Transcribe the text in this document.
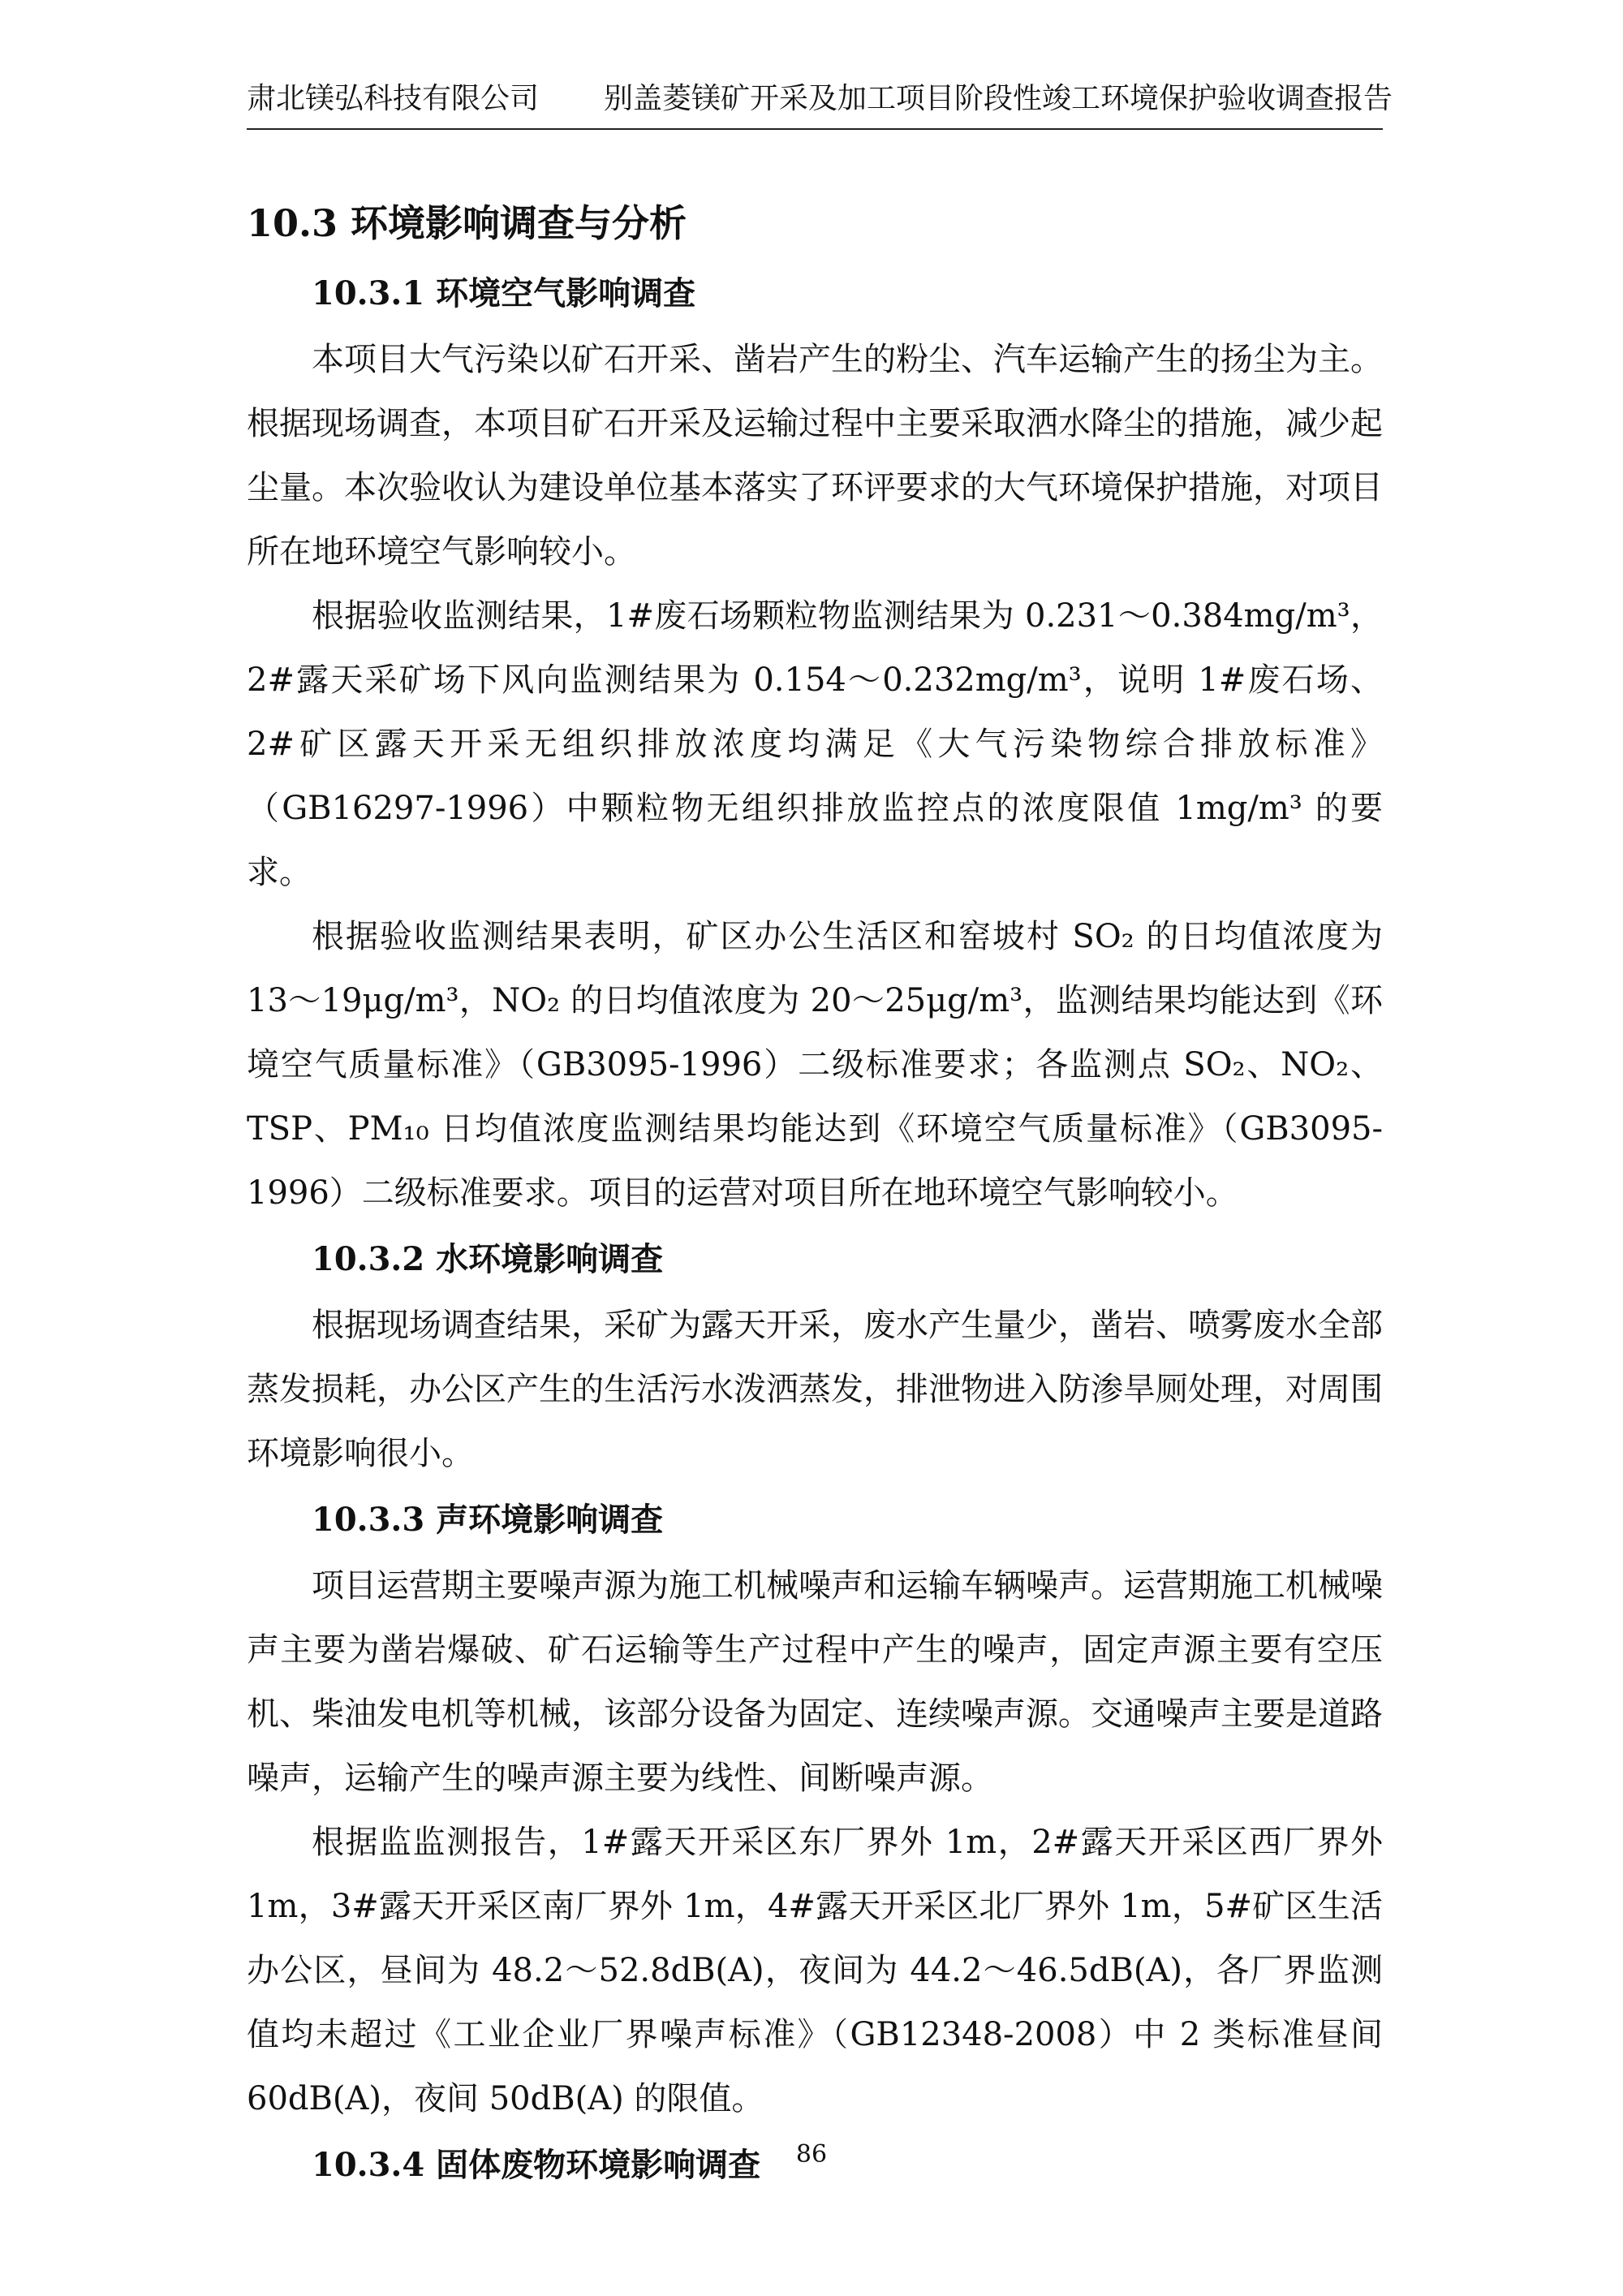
肃北镁弘科技有限公司 别盖菱镁矿开采及加工项目阶段性竣工环境保护验收调查报告
10.3 环境影响调查与分析
10.3.1 环境空气影响调查

本项目大气污染以矿石开采、凿岩产生的粉尘、汽车运输产生的扬尘为主。根据现场调查，本项目矿石开采及运输过程中主要采取洒水降尘的措施，减少起尘量。本次验收认为建设单位基本落实了环评要求的大气环境保护措施，对项目所在地环境空气影响较小。

根据验收监测结果，1#废石场颗粒物监测结果为 0.231～0.384mg/m³，2#露天采矿场下风向监测结果为 0.154～0.232mg/m³，说明 1#废石场、2#矿区露天开采无组织排放浓度均满足《大气污染物综合排放标准》（GB16297-1996）中颗粒物无组织排放监控点的浓度限值 1mg/m³ 的要求。

根据验收监测结果表明，矿区办公生活区和窑坡村 SO₂ 的日均值浓度为 13～19μg/m³，NO₂ 的日均值浓度为 20～25μg/m³，监测结果均能达到《环境空气质量标准》（GB3095-1996）二级标准要求；各监测点 SO₂、NO₂、TSP、PM₁₀ 日均值浓度监测结果均能达到《环境空气质量标准》（GB3095-1996）二级标准要求。项目的运营对项目所在地环境空气影响较小。

10.3.2 水环境影响调查

根据现场调查结果，采矿为露天开采，废水产生量少，凿岩、喷雾废水全部蒸发损耗，办公区产生的生活污水泼洒蒸发，排泄物进入防渗旱厕处理，对周围环境影响很小。

10.3.3 声环境影响调查

项目运营期主要噪声源为施工机械噪声和运输车辆噪声。运营期施工机械噪声主要为凿岩爆破、矿石运输等生产过程中产生的噪声，固定声源主要有空压机、柴油发电机等机械，该部分设备为固定、连续噪声源。交通噪声主要是道路噪声，运输产生的噪声源主要为线性、间断噪声源。

根据监监测报告，1#露天开采区东厂界外 1m，2#露天开采区西厂界外 1m，3#露天开采区南厂界外 1m，4#露天开采区北厂界外 1m，5#矿区生活办公区，昼间为 48.2～52.8dB(A)，夜间为 44.2～46.5dB(A)，各厂界监测值均未超过《工业企业厂界噪声标准》（GB12348-2008）中 2 类标准昼间 60dB(A)，夜间 50dB(A) 的限值。

10.3.4 固体废物环境影响调查	86
